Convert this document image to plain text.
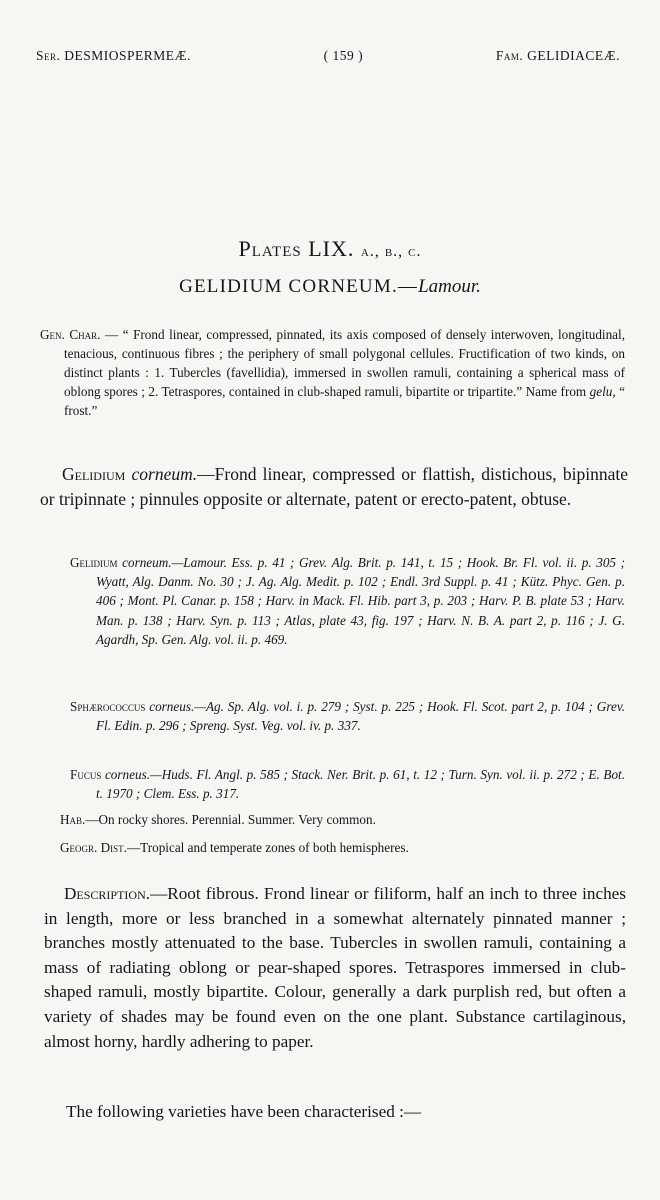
Ser. DESMIOSPERMEÆ.	( 159 )	Fam. GELIDIACEÆ.
Plates LIX. a., b., c.
GELIDIUM CORNEUM.—Lamour.

Gen. Char. — “ Frond linear, compressed, pinnated, its axis composed of densely interwoven, longitudinal, tenacious, continuous fibres ; the periphery of small polygonal cellules. Fructification of two kinds, on distinct plants : 1. Tubercles (favellidia), immersed in swollen ramuli, containing a spherical mass of oblong spores ; 2. Tetraspores, contained in club-shaped ramuli, bipartite or tripartite.” Name from gelu, “ frost.”

Gelidium corneum.—Frond linear, compressed or flattish, distichous, bipinnate or tripinnate ; pinnules opposite or alternate, patent or erecto-patent, obtuse.

Gelidium corneum.—Lamour. Ess. p. 41 ; Grev. Alg. Brit. p. 141, t. 15 ; Hook. Br. Fl. vol. ii. p. 305 ; Wyatt, Alg. Danm. No. 30 ; J. Ag. Alg. Medit. p. 102 ; Endl. 3rd Suppl. p. 41 ; Kütz. Phyc. Gen. p. 406 ; Mont. Pl. Canar. p. 158 ; Harv. in Mack. Fl. Hib. part 3, p. 203 ; Harv. P. B. plate 53 ; Harv. Man. p. 138 ; Harv. Syn. p. 113 ; Atlas, plate 43, fig. 197 ; Harv. N. B. A. part 2, p. 116 ; J. G. Agardh, Sp. Gen. Alg. vol. ii. p. 469.

Sphærococcus corneus.—Ag. Sp. Alg. vol. i. p. 279 ; Syst. p. 225 ; Hook. Fl. Scot. part 2, p. 104 ; Grev. Fl. Edin. p. 296 ; Spreng. Syst. Veg. vol. iv. p. 337.

Fucus corneus.—Huds. Fl. Angl. p. 585 ; Stack. Ner. Brit. p. 61, t. 12 ; Turn. Syn. vol. ii. p. 272 ; E. Bot. t. 1970 ; Clem. Ess. p. 317.

Hab.—On rocky shores. Perennial. Summer. Very common.
Geogr. Dist.—Tropical and temperate zones of both hemispheres.

Description.—Root fibrous. Frond linear or filiform, half an inch to three inches in length, more or less branched in a somewhat alternately pinnated manner ; branches mostly attenuated to the base. Tubercles in swollen ramuli, containing a mass of radiating oblong or pear-shaped spores. Tetraspores immersed in club-shaped ramuli, mostly bipartite. Colour, generally a dark purplish red, but often a variety of shades may be found even on the one plant. Substance cartilaginous, almost horny, hardly adhering to paper.

The following varieties have been characterised :—
